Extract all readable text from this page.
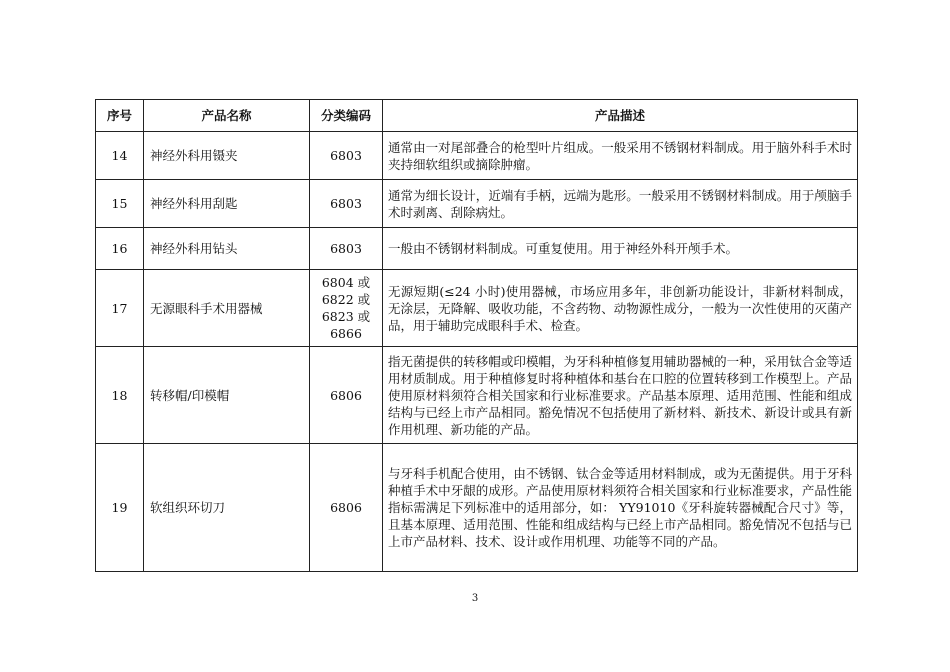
序号	产品名称	分类编码	产品描述
14	神经外科用镊夹	6803	通常由一对尾部叠合的枪型叶片组成。一般采用不锈钢材料制成。用于脑外科手术时夹持细软组织或摘除肿瘤。
15	神经外科用刮匙	6803	通常为细长设计，近端有手柄，远端为匙形。一般采用不锈钢材料制成。用于颅脑手术时剥离、刮除病灶。
16	神经外科用钻头	6803	一般由不锈钢材料制成。可重复使用。用于神经外科开颅手术。
17	无源眼科手术用器械	6804 或 6822 或 6823 或 6866	无源短期(≤24 小时)使用器械，市场应用多年，非创新功能设计，非新材料制成，无涂层，无降解、吸收功能，不含药物、动物源性成分，一般为一次性使用的灭菌产品，用于辅助完成眼科手术、检查。
18	转移帽/印模帽	6806	指无菌提供的转移帽或印模帽，为牙科种植修复用辅助器械的一种，采用钛合金等适用材质制成。用于种植修复时将种植体和基台在口腔的位置转移到工作模型上。产品使用原材料须符合相关国家和行业标准要求。产品基本原理、适用范围、性能和组成结构与已经上市产品相同。豁免情况不包括使用了新材料、新技术、新设计或具有新作用机理、新功能的产品。
19	软组织环切刀	6806	与牙科手机配合使用，由不锈钢、钛合金等适用材料制成，或为无菌提供。用于牙科种植手术中牙龈的成形。产品使用原材料须符合相关国家和行业标准要求，产品性能指标需满足下列标准中的适用部分，如： YY91010《牙科旋转器械配合尺寸》等，且基本原理、适用范围、性能和组成结构与已经上市产品相同。豁免情况不包括与已上市产品材料、技术、设计或作用机理、功能等不同的产品。
3
